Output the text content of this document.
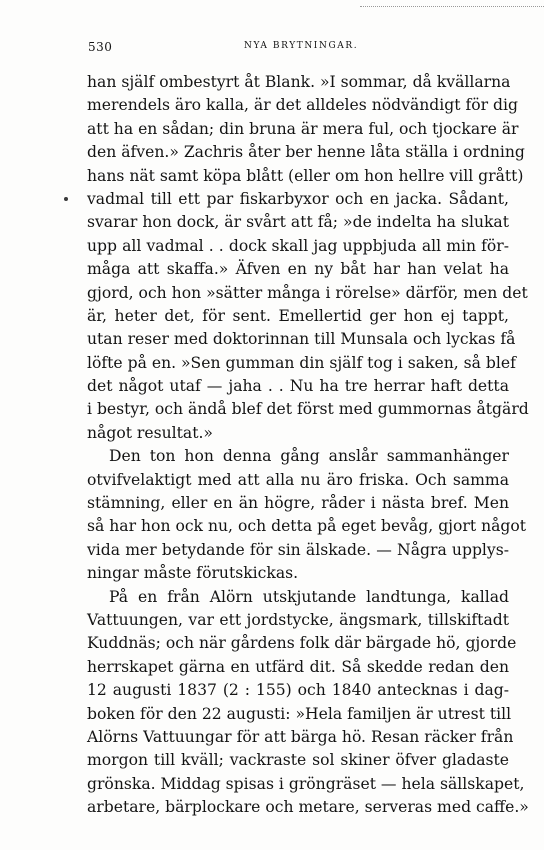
530	NYA BRYTNINGAR.
han själf ombestyrt åt Blank. »I sommar, då kvällarna
merendels äro kalla, är det alldeles nödvändigt för dig
att ha en sådan; din bruna är mera ful, och tjockare är
den äfven.» Zachris åter ber henne låta ställa i ordning
hans nät samt köpa blått (eller om hon hellre vill grått)
vadmal till ett par fiskarbyxor och en jacka. Sådant,
svarar hon dock, är svårt att få; »de indelta ha slukat
upp all vadmal . . dock skall jag uppbjuda all min för-
måga att skaffa.» Äfven en ny båt har han velat ha
gjord, och hon »sätter många i rörelse» därför, men det
är, heter det, för sent. Emellertid ger hon ej tappt,
utan reser med doktorinnan till Munsala och lyckas få
löfte på en. »Sen gumman din själf tog i saken, så blef
det något utaf — jaha . . Nu ha tre herrar haft detta
i bestyr, och ändå blef det först med gummornas åtgärd
något resultat.»
Den ton hon denna gång anslår sammanhänger
otvifvelaktigt med att alla nu äro friska. Och samma
stämning, eller en än högre, råder i nästa bref. Men
så har hon ock nu, och detta på eget bevåg, gjort något
vida mer betydande för sin älskade. — Några upplys-
ningar måste förutskickas.
På en från Alörn utskjutande landtunga, kallad
Vattuungen, var ett jordstycke, ängsmark, tillskiftadt
Kuddnäs; och när gårdens folk där bärgade hö, gjorde
herrskapet gärna en utfärd dit. Så skedde redan den
12 augusti 1837 (2 : 155) och 1840 antecknas i dag-
boken för den 22 augusti: »Hela familjen är utrest till
Alörns Vattuungar för att bärga hö. Resan räcker från
morgon till kväll; vackraste sol skiner öfver gladaste
grönska. Middag spisas i gröngräset — hela sällskapet,
arbetare, bärplockare och metare, serveras med caffe.»
